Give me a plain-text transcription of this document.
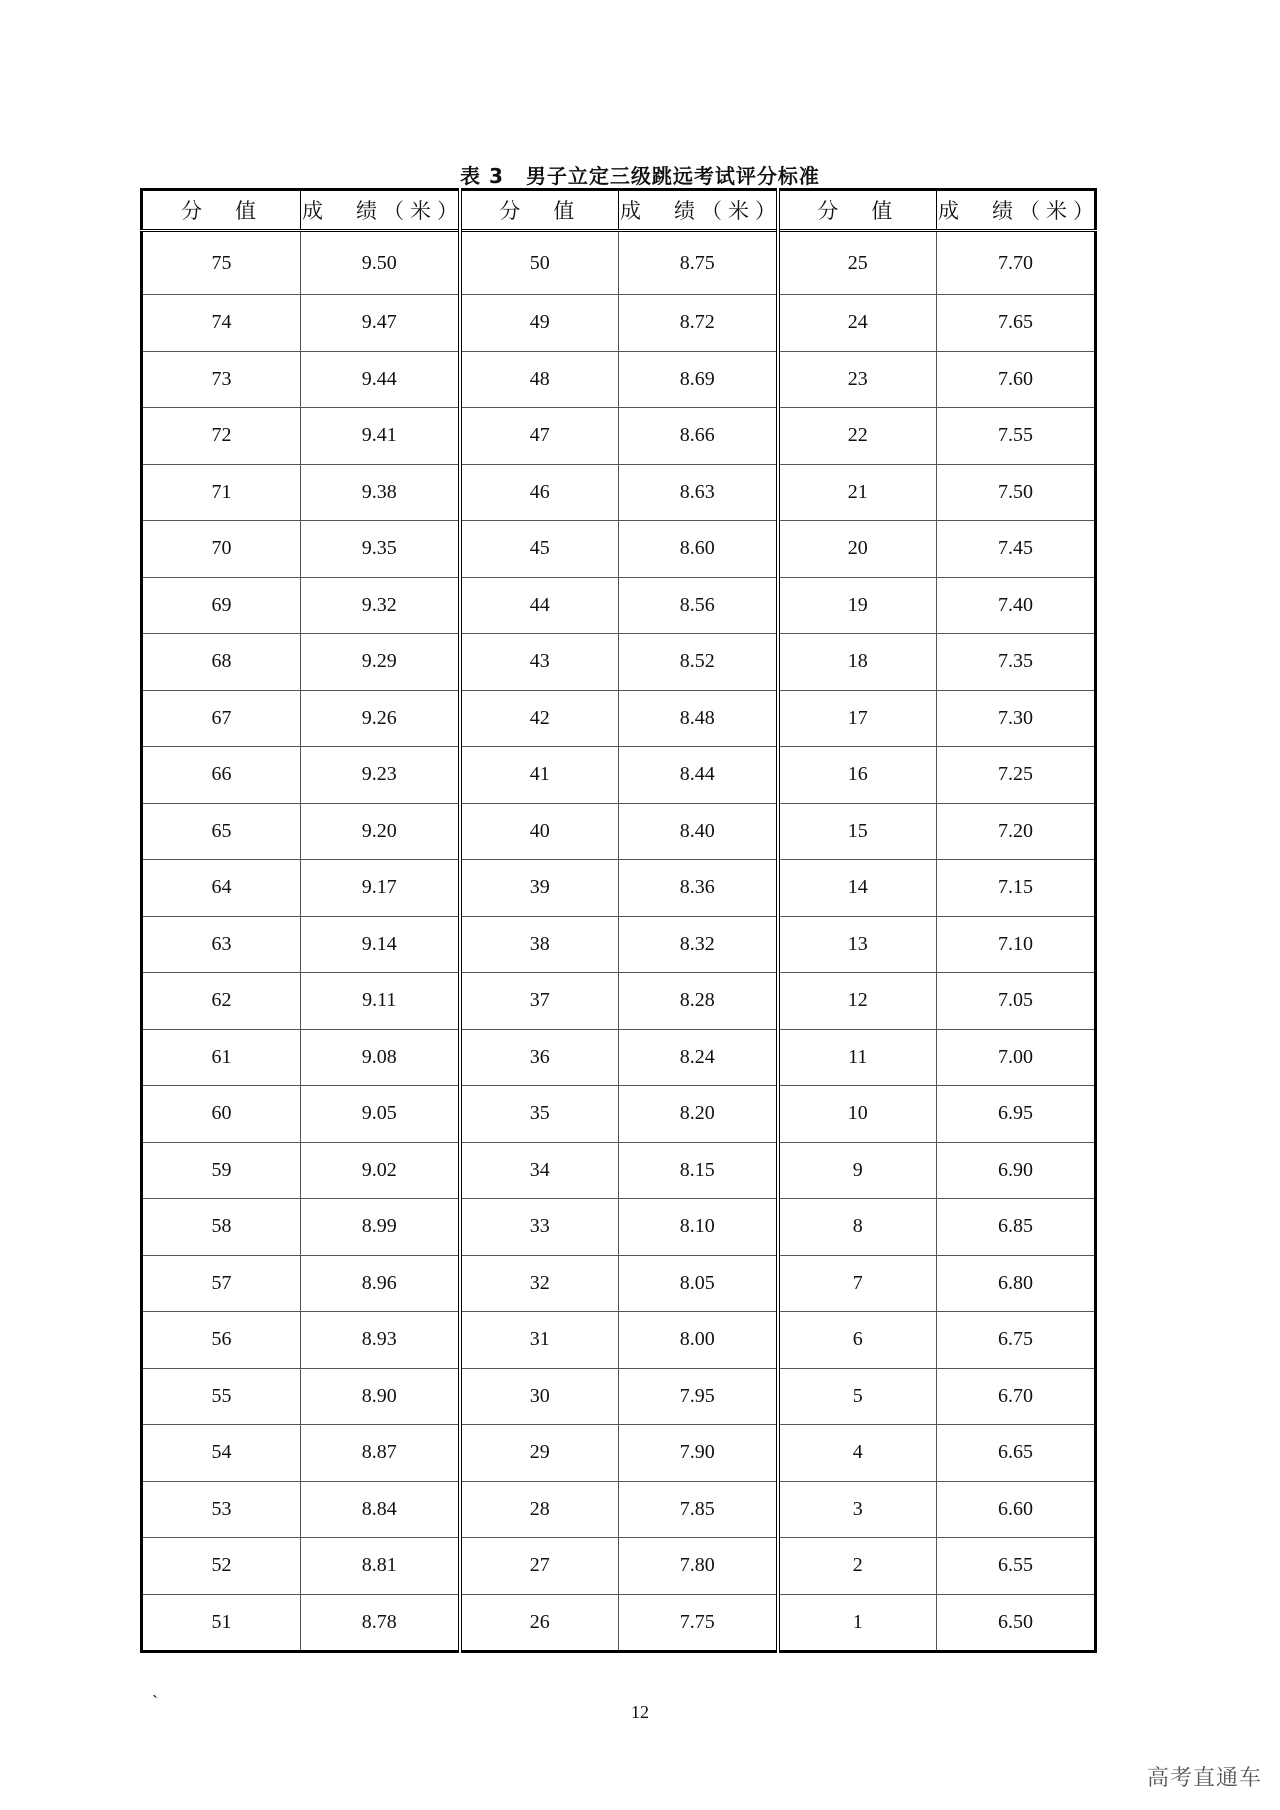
表 3 男子立定三级跳远考试评分标准
分　值	成　绩（米）	分　值	成　绩（米）	分　值	成　绩（米）
75	9.50	50	8.75	25	7.70
74	9.47	49	8.72	24	7.65
73	9.44	48	8.69	23	7.60
72	9.41	47	8.66	22	7.55
71	9.38	46	8.63	21	7.50
70	9.35	45	8.60	20	7.45
69	9.32	44	8.56	19	7.40
68	9.29	43	8.52	18	7.35
67	9.26	42	8.48	17	7.30
66	9.23	41	8.44	16	7.25
65	9.20	40	8.40	15	7.20
64	9.17	39	8.36	14	7.15
63	9.14	38	8.32	13	7.10
62	9.11	37	8.28	12	7.05
61	9.08	36	8.24	11	7.00
60	9.05	35	8.20	10	6.95
59	9.02	34	8.15	9	6.90
58	8.99	33	8.10	8	6.85
57	8.96	32	8.05	7	6.80
56	8.93	31	8.00	6	6.75
55	8.90	30	7.95	5	6.70
54	8.87	29	7.90	4	6.65
53	8.84	28	7.85	3	6.60
52	8.81	27	7.80	2	6.55
51	8.78	26	7.75	1	6.50
`	12
高考直通车
